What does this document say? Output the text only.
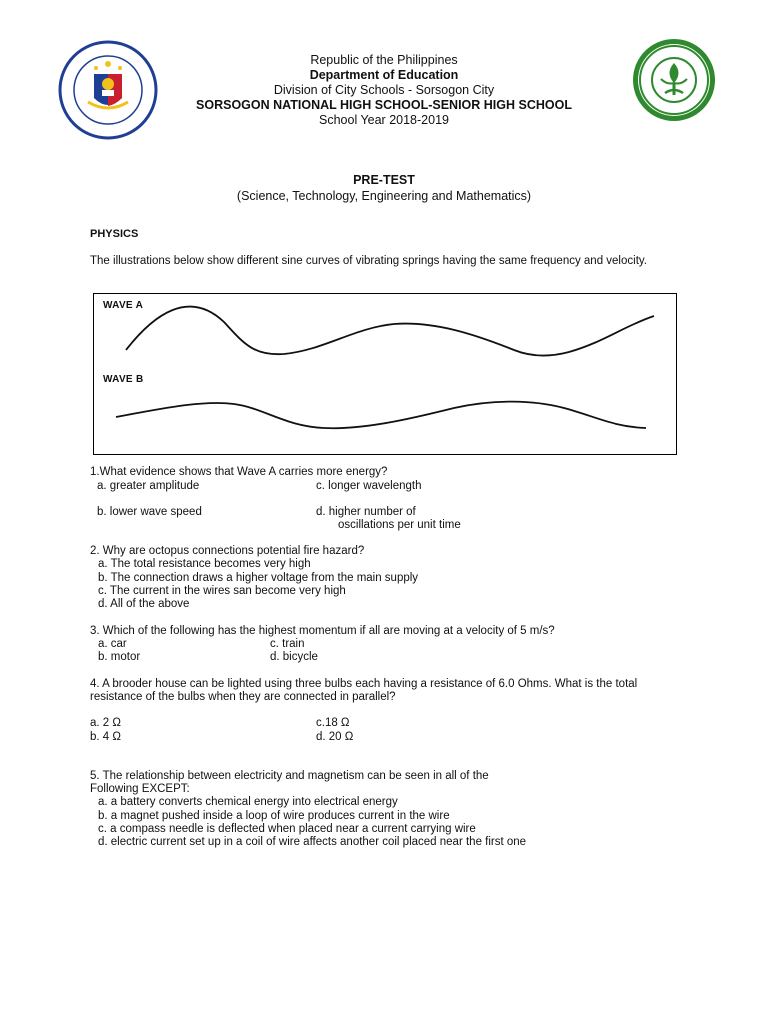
Republic of the Philippines
Department of Education
Division of City Schools - Sorsogon City
SORSOGON NATIONAL HIGH SCHOOL-SENIOR HIGH SCHOOL
School Year 2018-2019
PRE-TEST
(Science, Technology, Engineering and Mathematics)
PHYSICS
The illustrations below show different sine curves of vibrating springs having the same frequency and velocity.
WAVE A
WAVE B
1.What evidence shows that Wave A carries more energy?
a. greater amplitude	c. longer wavelength
b. lower wave speed	d. higher number of
oscillations per unit time
2. Why are octopus connections potential fire hazard?
a. The total resistance becomes very high
b. The connection draws a higher voltage from the main supply
c. The current in the wires san become very high
d. All of the above
3. Which of the following has the highest momentum if all are moving at a velocity of 5 m/s?
a. car	c. train
b. motor	d. bicycle
4. A brooder house can be lighted using three bulbs each having a resistance of 6.0 Ohms. What is the total
resistance of the bulbs when they are connected in parallel?
a. 2 Ω	c.18 Ω
b. 4 Ω	d. 20 Ω
5. The relationship between electricity and magnetism can be seen in all of the
Following EXCEPT:
a. a battery converts chemical energy into electrical energy
b. a magnet pushed inside a loop of wire produces current in the wire
c. a compass needle is deflected when placed near a current carrying wire
d. electric current set up in a coil of wire affects another coil placed near the first one
